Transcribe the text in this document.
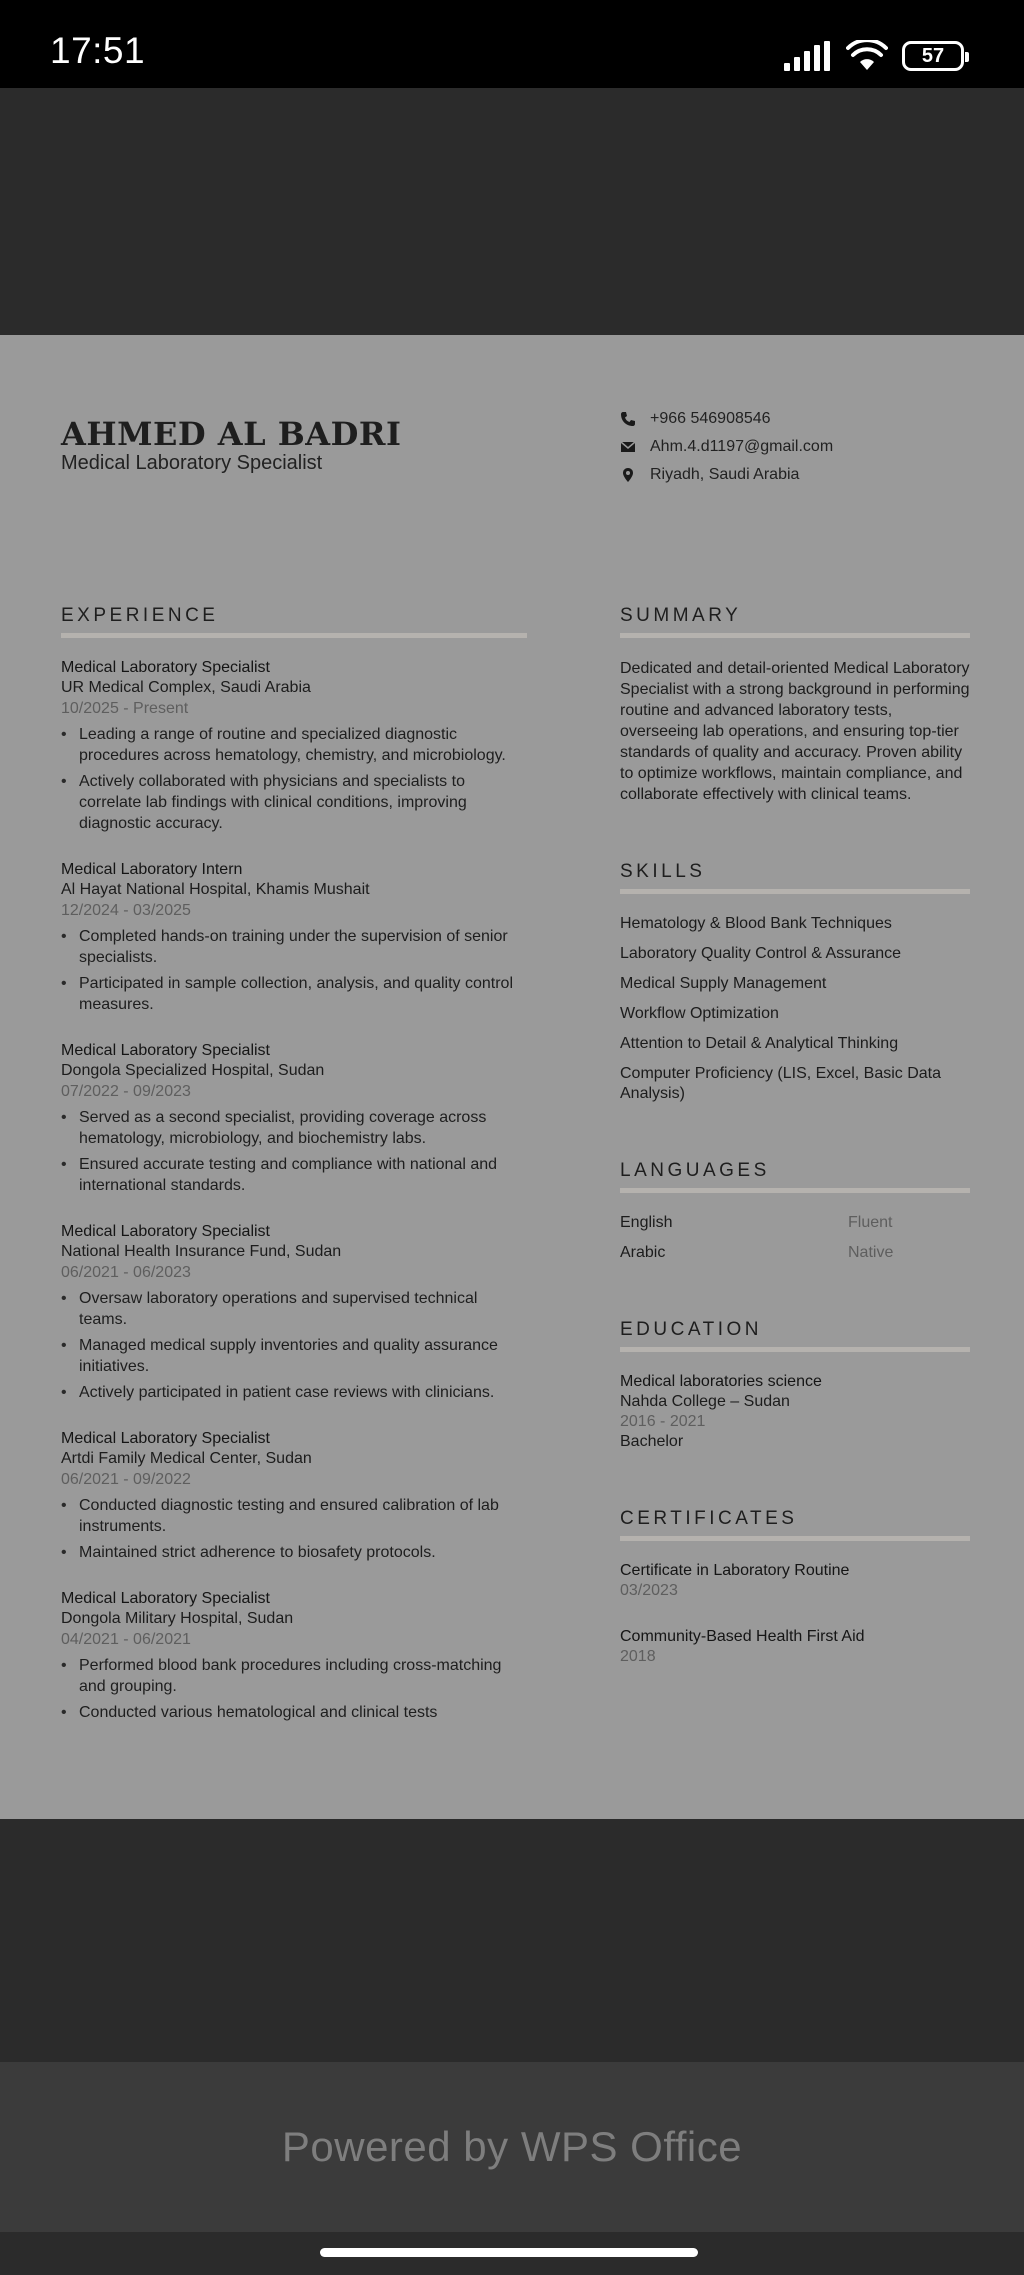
17:51	57
AHMED AL BADRI
Medical Laboratory Specialist
+966 546908546
Ahm.4.d1197@gmail.com
Riyadh, Saudi Arabia
EXPERIENCE
Medical Laboratory Specialist
UR Medical Complex, Saudi Arabia
10/2025 - Present
• Leading a range of routine and specialized diagnostic procedures across hematology, chemistry, and microbiology.
• Actively collaborated with physicians and specialists to correlate lab findings with clinical conditions, improving diagnostic accuracy.
Medical Laboratory Intern
Al Hayat National Hospital, Khamis Mushait
12/2024 - 03/2025
• Completed hands-on training under the supervision of senior specialists.
• Participated in sample collection, analysis, and quality control measures.
Medical Laboratory Specialist
Dongola Specialized Hospital, Sudan
07/2022 - 09/2023
• Served as a second specialist, providing coverage across hematology, microbiology, and biochemistry labs.
• Ensured accurate testing and compliance with national and international standards.
Medical Laboratory Specialist
National Health Insurance Fund, Sudan
06/2021 - 06/2023
• Oversaw laboratory operations and supervised technical teams.
• Managed medical supply inventories and quality assurance initiatives.
• Actively participated in patient case reviews with clinicians.
Medical Laboratory Specialist
Artdi Family Medical Center, Sudan
06/2021 - 09/2022
• Conducted diagnostic testing and ensured calibration of lab instruments.
• Maintained strict adherence to biosafety protocols.
Medical Laboratory Specialist
Dongola Military Hospital, Sudan
04/2021 - 06/2021
• Performed blood bank procedures including cross-matching and grouping.
• Conducted various hematological and clinical tests
SUMMARY
Dedicated and detail-oriented Medical Laboratory Specialist with a strong background in performing routine and advanced laboratory tests, overseeing lab operations, and ensuring top-tier standards of quality and accuracy. Proven ability to optimize workflows, maintain compliance, and collaborate effectively with clinical teams.
SKILLS
Hematology & Blood Bank Techniques
Laboratory Quality Control & Assurance
Medical Supply Management
Workflow Optimization
Attention to Detail & Analytical Thinking
Computer Proficiency (LIS, Excel, Basic Data Analysis)
LANGUAGES
English	Fluent
Arabic	Native
EDUCATION
Medical laboratories science
Nahda College – Sudan
2016 - 2021
Bachelor
CERTIFICATES
Certificate in Laboratory Routine
03/2023
Community-Based Health First Aid
2018
Powered by WPS Office
